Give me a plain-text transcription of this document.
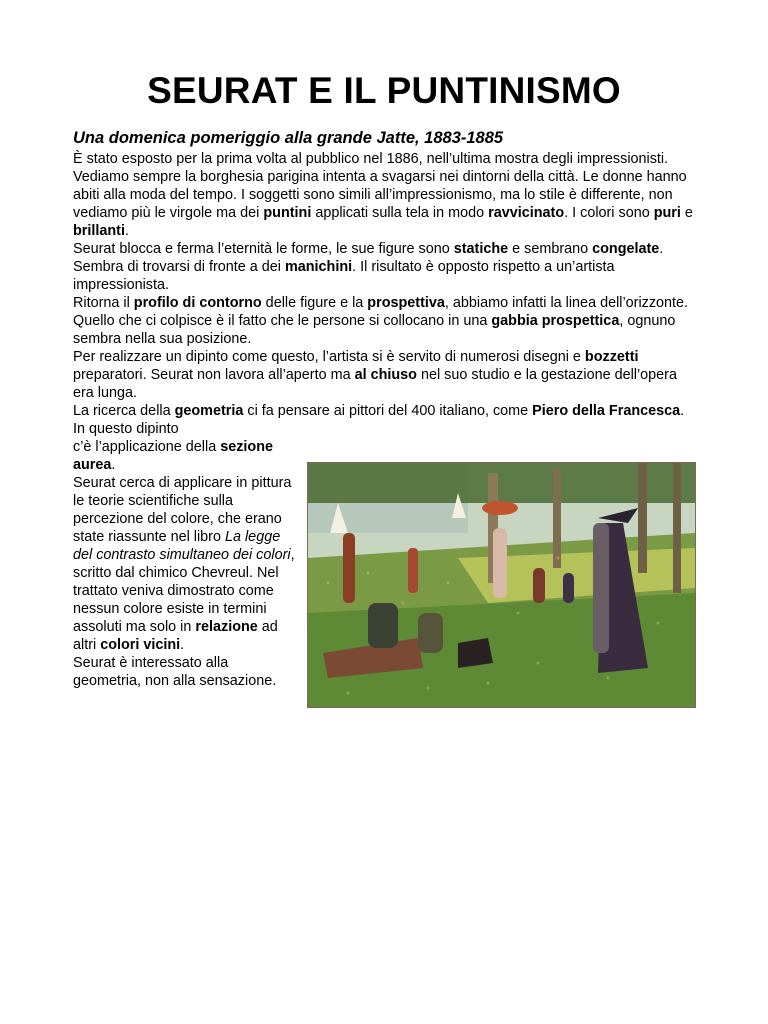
SEURAT E IL PUNTINISMO
Una domenica pomeriggio alla grande Jatte, 1883-1885

È stato esposto per la prima volta al pubblico nel 1886, nell’ultima mostra degli impressionisti.

Vediamo sempre la borghesia parigina intenta a svagarsi nei dintorni della città. Le donne hanno abiti alla moda del tempo. I soggetti sono simili all’impressionismo, ma lo stile è differente, non vediamo più le virgole ma dei puntini applicati sulla tela in modo ravvicinato. I colori sono puri e brillanti.

Seurat blocca e ferma l’eternità le forme, le sue figure sono statiche e sembrano congelate. Sembra di trovarsi di fronte a dei manichini. Il risultato è opposto rispetto a un’artista impressionista.

Ritorna il profilo di contorno delle figure e la prospettiva, abbiamo infatti la linea dell’orizzonte. Quello che ci colpisce è il fatto che le persone si collocano in una gabbia prospettica, ognuno sembra nella sua posizione.

Per realizzare un dipinto come questo, l’artista si è servito di numerosi disegni e bozzetti preparatori. Seurat non lavora all’aperto ma al chiuso nel suo studio e la gestazione dell’opera era lunga.

La ricerca della geometria ci fa pensare ai pittori del 400 italiano, come Piero della Francesca. In questo dipinto

c’è l’applicazione della sezione aurea.

Seurat cerca di applicare in pittura le teorie scientifiche sulla percezione del colore, che erano state riassunte nel libro La legge del contrasto simultaneo dei colori, scritto dal chimico Chevreul. Nel trattato veniva dimostrato come nessun colore esiste in termini assoluti ma solo in relazione ad altri colori vicini.

Seurat è interessato alla geometria, non alla sensazione.
